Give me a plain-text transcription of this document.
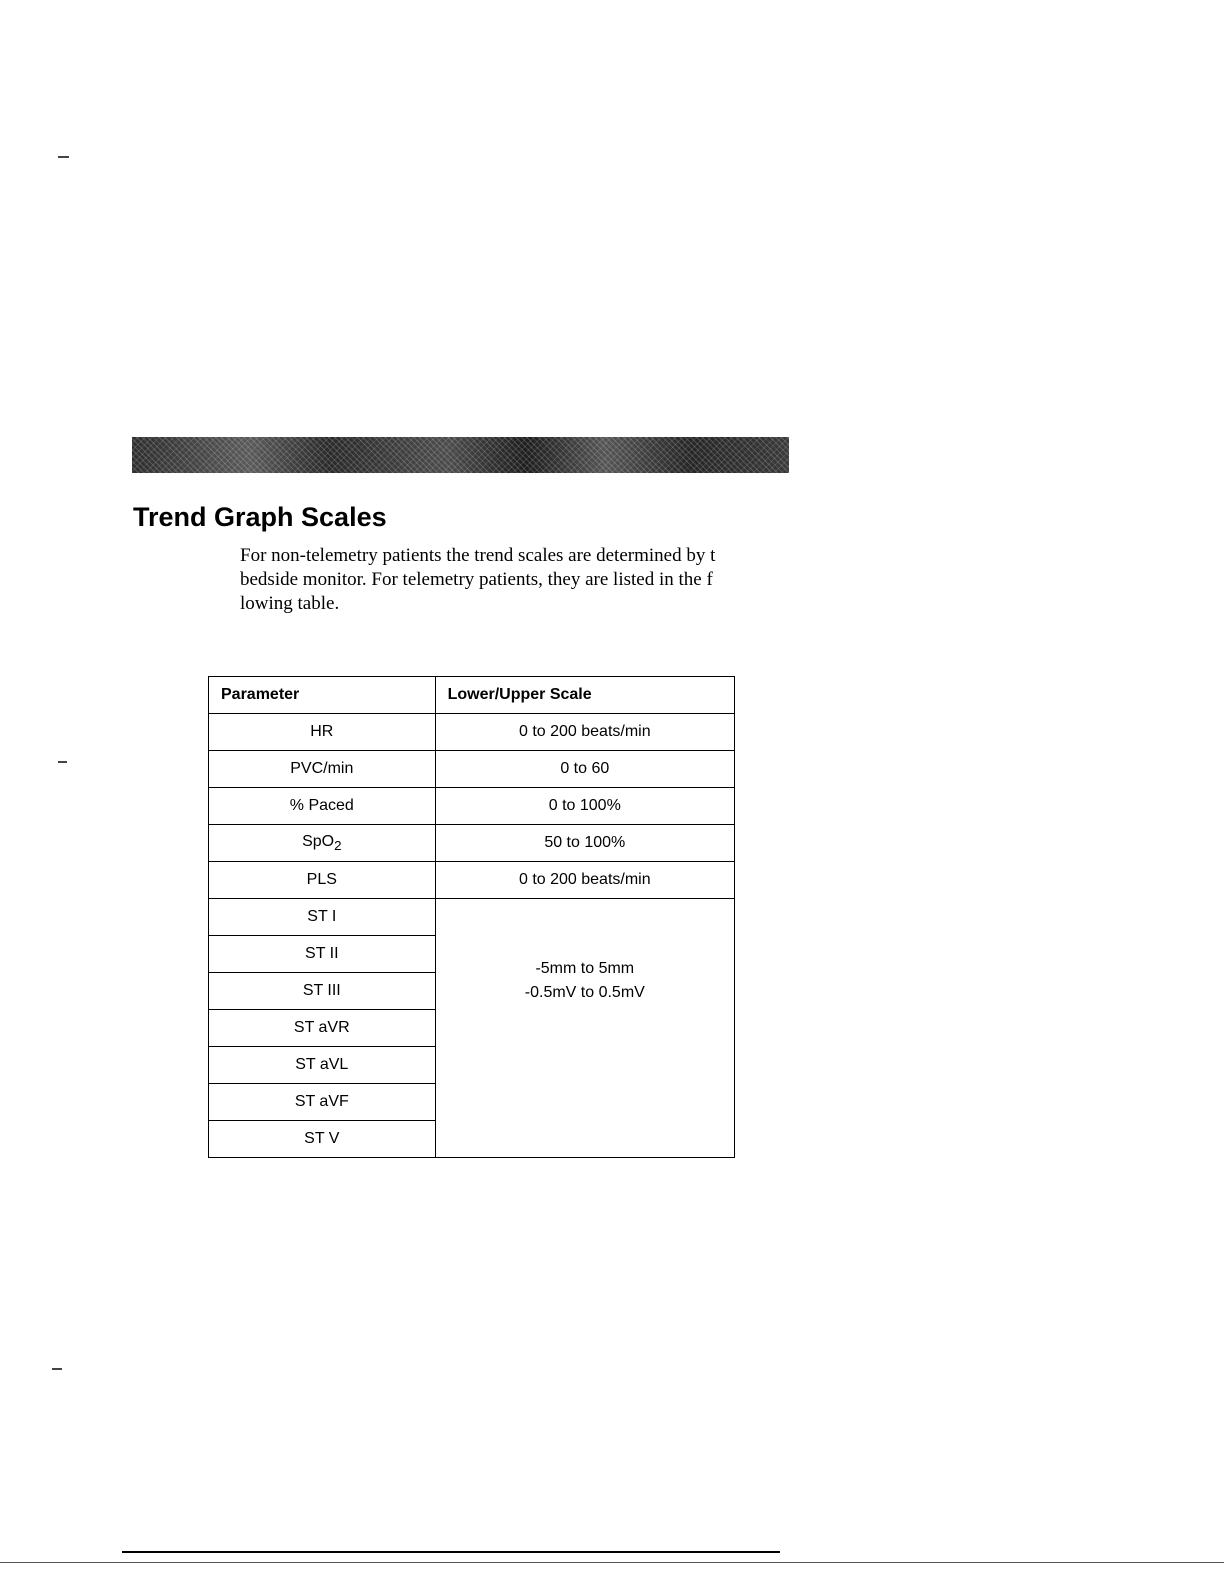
Trend Graph Scales

For non-telemetry patients the trend scales are determined by t
bedside monitor. For telemetry patients, they are listed in the f
lowing table.

Parameter	Lower/Upper Scale
HR	0 to 200 beats/min
PVC/min	0 to 60
% Paced	0 to 100%
SpO$_2$	50 to 100%
PLS	0 to 200 beats/min
ST I	-5mm to 5mm
-0.5mV to 0.5mV

ST II	
ST III	
ST aVR	
ST aVL	
ST aVF	
ST V	
